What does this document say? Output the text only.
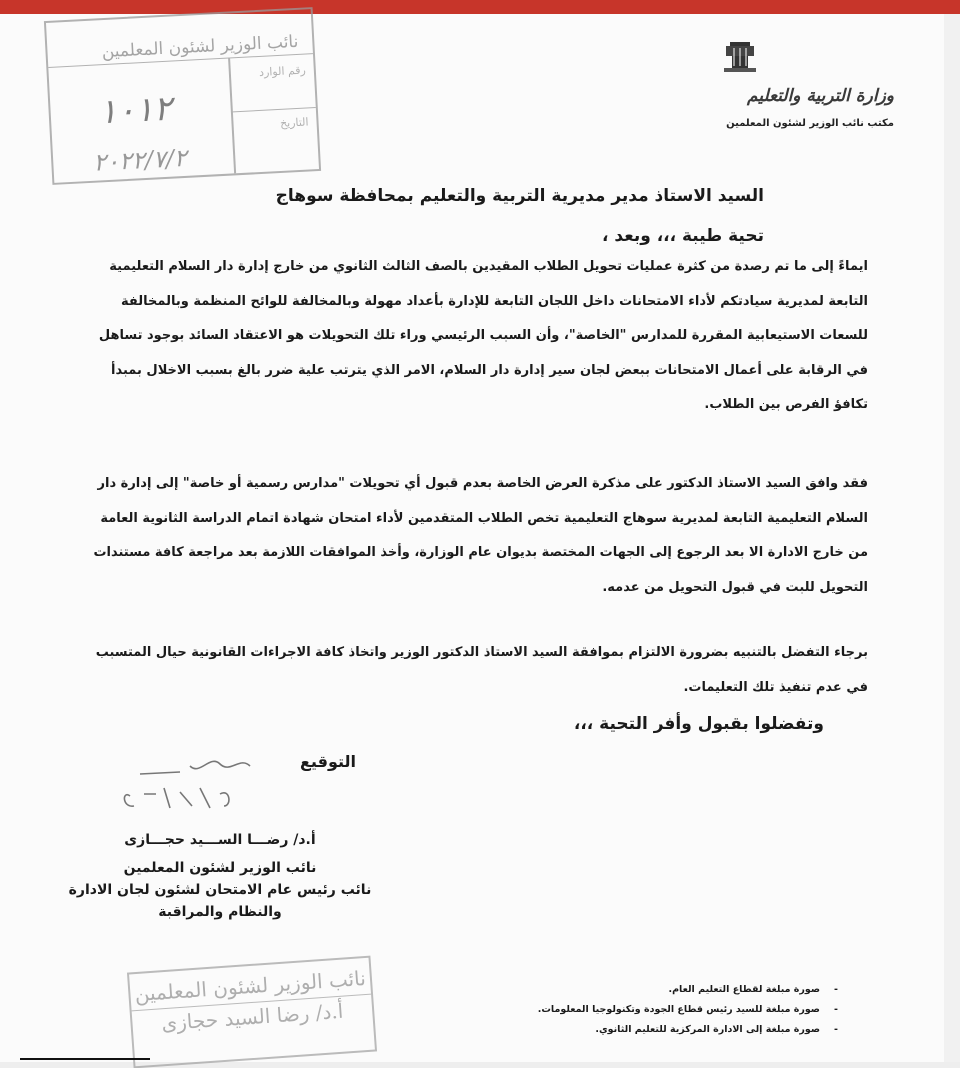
نائب الوزير لشئون المعلمين
رقم الوارد
التاريخ
١٠١٢
٢٠٢٢/٧/٢
وزارة التربية والتعليم
مكتب نائب الوزير لشئون المعلمين
السيد الاستاذ مدير مديرية التربية والتعليم بمحافظة سوهاج
تحية طيبة ،،، وبعد ،
ايماءً إلى ما تم رصدة من كثرة عمليات تحويل الطلاب المقيدين بالصف الثالث الثانوي من خارج إدارة دار السلام التعليمية التابعة لمديرية سيادتكم لأداء الامتحانات داخل اللجان التابعة للإدارة بأعداد مهولة وبالمخالفة للوائح المنظمة وبالمخالفة للسعات الاستيعابية المقررة للمدارس "الخاصة"، وأن السبب الرئيسي وراء تلك التحويلات هو الاعتقاد السائد بوجود تساهل في الرقابة على أعمال الامتحانات ببعض لجان سير إدارة دار السلام، الامر الذي يترتب علية ضرر بالغ بسبب الاخلال بمبدأ تكافؤ الفرص بين الطلاب.
فقد وافق السيد الاستاذ الدكتور على مذكرة العرض الخاصة بعدم قبول أي تحويلات "مدارس رسمية أو خاصة" إلى إدارة دار السلام التعليمية التابعة لمديرية سوهاج التعليمية تخص الطلاب المتقدمين لأداء امتحان شهادة اتمام الدراسة الثانوية العامة من خارج الادارة الا بعد الرجوع إلى الجهات المختصة بديوان عام الوزارة، وأخذ الموافقات اللازمة بعد مراجعة كافة مستندات التحويل للبت في قبول التحويل من عدمه.
برجاء التفضل بالتنبيه بضرورة الالتزام بموافقة السيد الاستاذ الدكتور الوزير واتخاذ كافة الاجراءات القانونية حيال المتسبب في عدم تنفيذ تلك التعليمات.
وتفضلوا بقبول وأفر التحية ،،،
التوقيع
أ.د/ رضـــا الســـيد حجـــازى
نائب الوزير لشئون المعلمين
نائب رئيس عام الامتحان لشئون لجان الادارة
والنظام والمراقبة
نائب الوزير لشئون المعلمين
أ.د/ رضا السيد حجازى
-
صورة مبلغة لقطاع التعليم العام.
-
صورة مبلغة للسيد رئيس قطاع الجودة وتكنولوجيا المعلومات.
-
صورة مبلغة إلى الادارة المركزية للتعليم الثانوي.
